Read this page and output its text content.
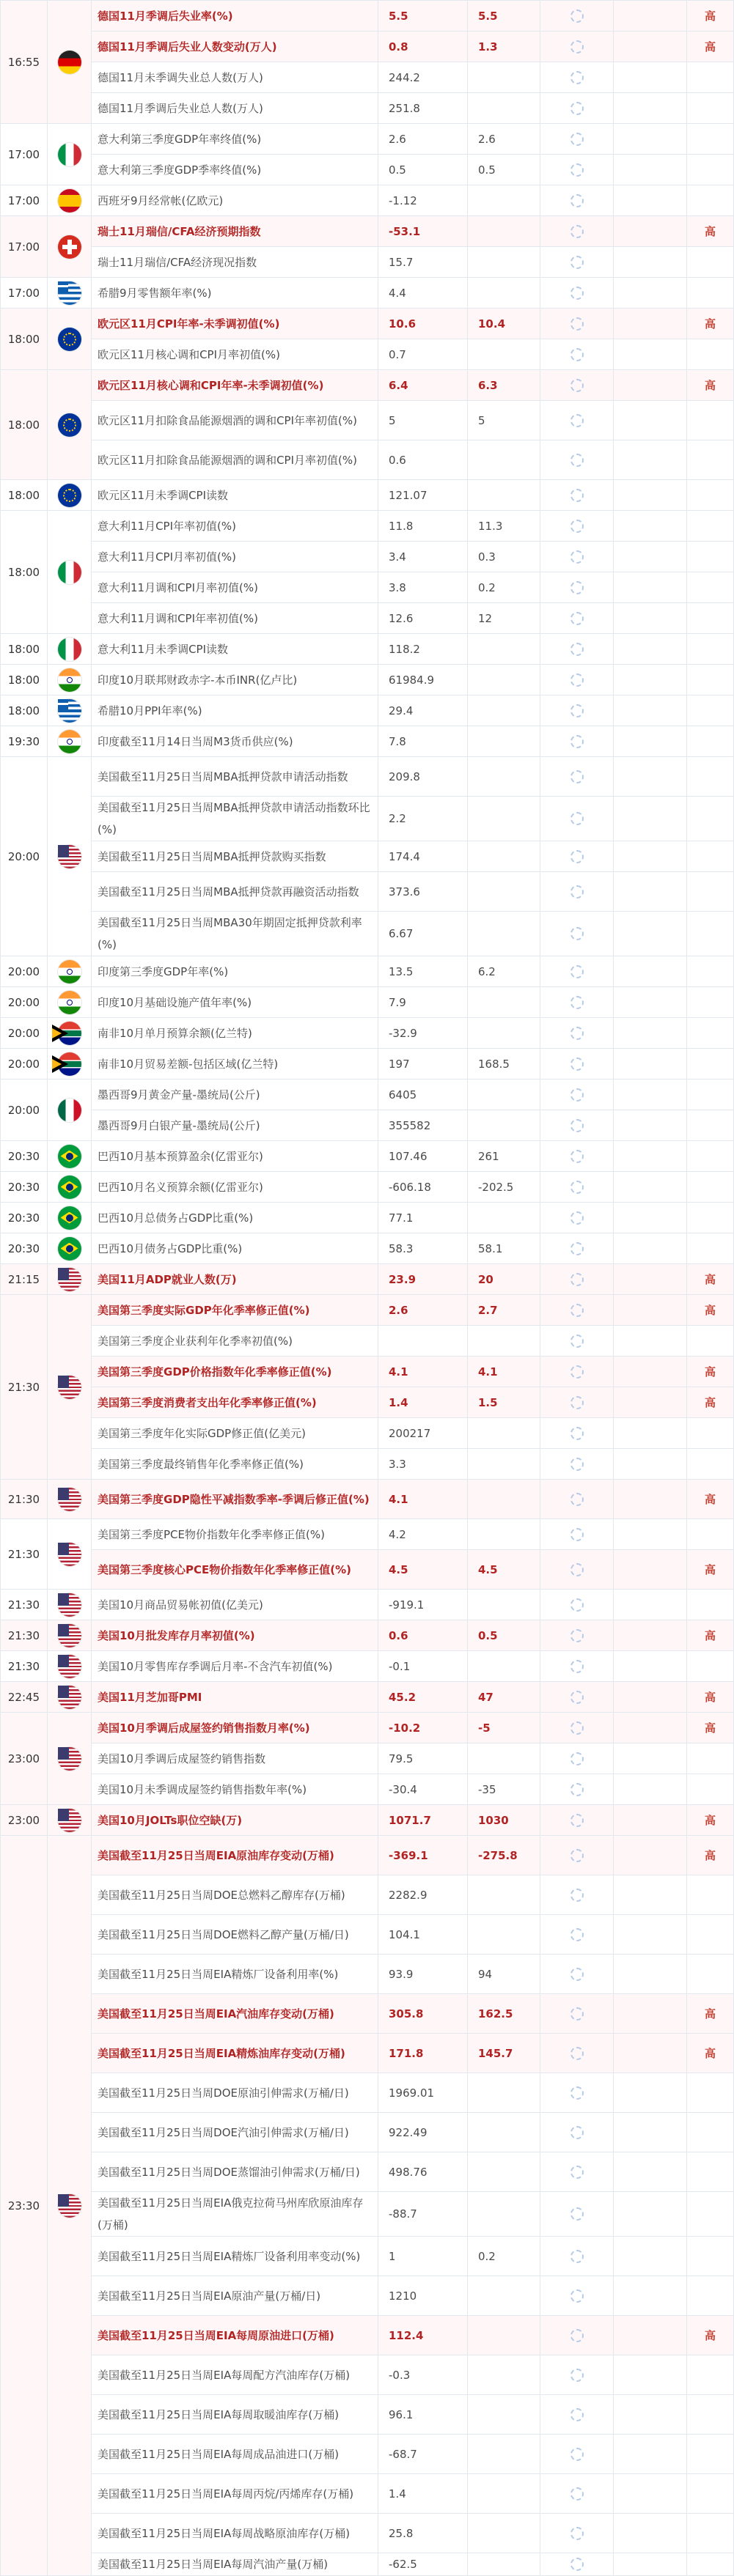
16:55		德国11月季调后失业率(%)	5.5	5.5			高
		德国11月季调后失业人数变动(万人)	0.8	1.3			高
		德国11月未季调失业总人数(万人)	244.2				
		德国11月季调后失业总人数(万人)	251.8				
17:00		意大利第三季度GDP年率终值(%)	2.6	2.6			
		意大利第三季度GDP季率终值(%)	0.5	0.5			
17:00		西班牙9月经常帐(亿欧元)	-1.12				
17:00		瑞士11月瑞信/CFA经济预期指数	-53.1				高
		瑞士11月瑞信/CFA经济现况指数	15.7				
17:00		希腊9月零售额年率(%)	4.4				
18:00		欧元区11月CPI年率-未季调初值(%)	10.6	10.4			高
		欧元区11月核心调和CPI月率初值(%)	0.7				
18:00		欧元区11月核心调和CPI年率-未季调初值(%)	6.4	6.3			高
		欧元区11月扣除食品能源烟酒的调和CPI年率初值(%)	5	5			
		欧元区11月扣除食品能源烟酒的调和CPI月率初值(%)	0.6				
18:00		欧元区11月未季调CPI读数	121.07				
18:00		意大利11月CPI年率初值(%)	11.8	11.3			
		意大利11月CPI月率初值(%)	3.4	0.3			
		意大利11月调和CPI月率初值(%)	3.8	0.2			
		意大利11月调和CPI年率初值(%)	12.6	12			
18:00		意大利11月未季调CPI读数	118.2				
18:00		印度10月联邦财政赤字-本币INR(亿卢比)	61984.9				
18:00		希腊10月PPI年率(%)	29.4				
19:30		印度截至11月14日当周M3货币供应(%)	7.8				
20:00		美国截至11月25日当周MBA抵押贷款申请活动指数	209.8				
		美国截至11月25日当周MBA抵押贷款申请活动指数环比(%)	2.2				
		美国截至11月25日当周MBA抵押贷款购买指数	174.4				
		美国截至11月25日当周MBA抵押贷款再融资活动指数	373.6				
		美国截至11月25日当周MBA30年期固定抵押贷款利率(%)	6.67				
20:00		印度第三季度GDP年率(%)	13.5	6.2			
20:00		印度10月基础设施产值年率(%)	7.9				
20:00		南非10月单月预算余额(亿兰特)	-32.9				
20:00		南非10月贸易差额-包括区域(亿兰特)	197	168.5			
20:00		墨西哥9月黄金产量-墨统局(公斤)	6405				
		墨西哥9月白银产量-墨统局(公斤)	355582				
20:30		巴西10月基本预算盈余(亿雷亚尔)	107.46	261			
20:30		巴西10月名义预算余额(亿雷亚尔)	-606.18	-202.5			
20:30		巴西10月总债务占GDP比重(%)	77.1				
20:30		巴西10月债务占GDP比重(%)	58.3	58.1			
21:15		美国11月ADP就业人数(万)	23.9	20			高
21:30		美国第三季度实际GDP年化季率修正值(%)	2.6	2.7			高
		美国第三季度企业获利年化季率初值(%)					
		美国第三季度GDP价格指数年化季率修正值(%)	4.1	4.1			高
		美国第三季度消费者支出年化季率修正值(%)	1.4	1.5			高
		美国第三季度年化实际GDP修正值(亿美元)	200217				
		美国第三季度最终销售年化季率修正值(%)	3.3				
21:30		美国第三季度GDP隐性平减指数季率-季调后修正值(%)	4.1				高
21:30		美国第三季度PCE物价指数年化季率修正值(%)	4.2				
		美国第三季度核心PCE物价指数年化季率修正值(%)	4.5	4.5			高
21:30		美国10月商品贸易帐初值(亿美元)	-919.1				
21:30		美国10月批发库存月率初值(%)	0.6	0.5			高
21:30		美国10月零售库存季调后月率-不含汽车初值(%)	-0.1				
22:45		美国11月芝加哥PMI	45.2	47			高
23:00		美国10月季调后成屋签约销售指数月率(%)	-10.2	-5			高
		美国10月季调后成屋签约销售指数	79.5				
		美国10月未季调成屋签约销售指数年率(%)	-30.4	-35			
23:00		美国10月JOLTs职位空缺(万)	1071.7	1030			高
23:30		美国截至11月25日当周EIA原油库存变动(万桶)	-369.1	-275.8			高
		美国截至11月25日当周DOE总燃料乙醇库存(万桶)	2282.9				
		美国截至11月25日当周DOE燃料乙醇产量(万桶/日)	104.1				
		美国截至11月25日当周EIA精炼厂设备利用率(%)	93.9	94			
		美国截至11月25日当周EIA汽油库存变动(万桶)	305.8	162.5			高
		美国截至11月25日当周EIA精炼油库存变动(万桶)	171.8	145.7			高
		美国截至11月25日当周DOE原油引伸需求(万桶/日)	1969.01				
		美国截至11月25日当周DOE汽油引伸需求(万桶/日)	922.49				
		美国截至11月25日当周DOE蒸馏油引伸需求(万桶/日)	498.76				
		美国截至11月25日当周EIA俄克拉荷马州库欣原油库存(万桶)	-88.7				
		美国截至11月25日当周EIA精炼厂设备利用率变动(%)	1	0.2			
		美国截至11月25日当周EIA原油产量(万桶/日)	1210				
		美国截至11月25日当周EIA每周原油进口(万桶)	112.4				高
		美国截至11月25日当周EIA每周配方汽油库存(万桶)	-0.3				
		美国截至11月25日当周EIA每周取暖油库存(万桶)	96.1				
		美国截至11月25日当周EIA每周成品油进口(万桶)	-68.7				
		美国截至11月25日当周EIA每周丙烷/丙烯库存(万桶)	1.4				
		美国截至11月25日当周EIA每周战略原油库存(万桶)	25.8				
		美国截至11月25日当周EIA每周汽油产量(万桶)	-62.5				
